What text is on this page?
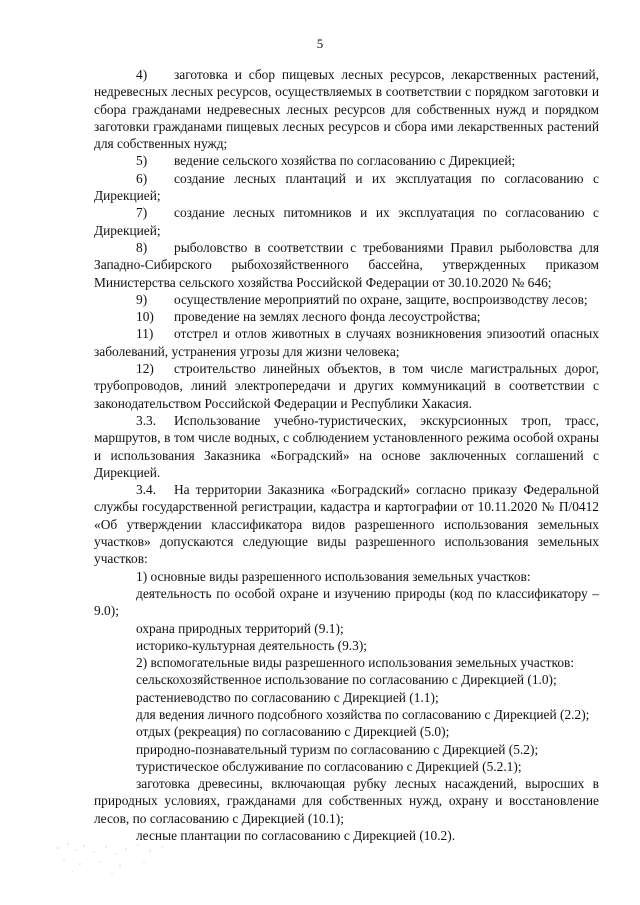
5

4) заготовка и сбор пищевых лесных ресурсов, лекарственных растений, недревесных лесных ресурсов, осуществляемых в соответствии с порядком заготовки и сбора гражданами недревесных лесных ресурсов для собственных нужд и порядком заготовки гражданами пищевых лесных ресурсов и сбора ими лекарственных растений для собственных нужд;

5) ведение сельского хозяйства по согласованию с Дирекцией;

6) создание лесных плантаций и их эксплуатация по согласованию с Дирекцией;

7) создание лесных питомников и их эксплуатация по согласованию с Дирекцией;

8) рыболовство в соответствии с требованиями Правил рыболовства для Западно-Сибирского рыбохозяйственного бассейна, утвержденных приказом Министерства сельского хозяйства Российской Федерации от 30.10.2020 № 646;

9) осуществление мероприятий по охране, защите, воспроизводству лесов;

10) проведение на землях лесного фонда лесоустройства;

11) отстрел и отлов животных в случаях возникновения эпизоотий опасных заболеваний, устранения угрозы для жизни человека;

12) строительство линейных объектов, в том числе магистральных дорог, трубопроводов, линий электропередачи и других коммуникаций в соответствии с законодательством Российской Федерации и Республики Хакасия.

3.3. Использование учебно-туристических, экскурсионных троп, трасс, маршрутов, в том числе водных, с соблюдением установленного режима особой охраны и использования Заказника «Боградский» на основе заключенных соглашений с Дирекцией.

3.4. На территории Заказника «Боградский» согласно приказу Федеральной службы государственной регистрации, кадастра и картографии от 10.11.2020 № П/0412 «Об утверждении классификатора видов разрешенного использования земельных участков» допускаются следующие виды разрешенного использования земельных участков:

1) основные виды разрешенного использования земельных участков:

деятельность по особой охране и изучению природы (код по классификатору – 9.0);

охрана природных территорий (9.1);

историко-культурная деятельность (9.3);

2) вспомогательные виды разрешенного использования земельных участков:

сельскохозяйственное использование по согласованию с Дирекцией (1.0);

растениеводство по согласованию с Дирекцией (1.1);

для ведения личного подсобного хозяйства по согласованию с Дирекцией (2.2);

отдых (рекреация) по согласованию с Дирекцией (5.0);

природно-познавательный туризм по согласованию с Дирекцией (5.2);

туристическое обслуживание по согласованию с Дирекцией (5.2.1);

заготовка древесины, включающая рубку лесных насаждений, выросших в природных условиях, гражданами для собственных нужд, охрану и восстановление лесов, по согласованию с Дирекцией (10.1);

лесные плантации по согласованию с Дирекцией (10.2).
